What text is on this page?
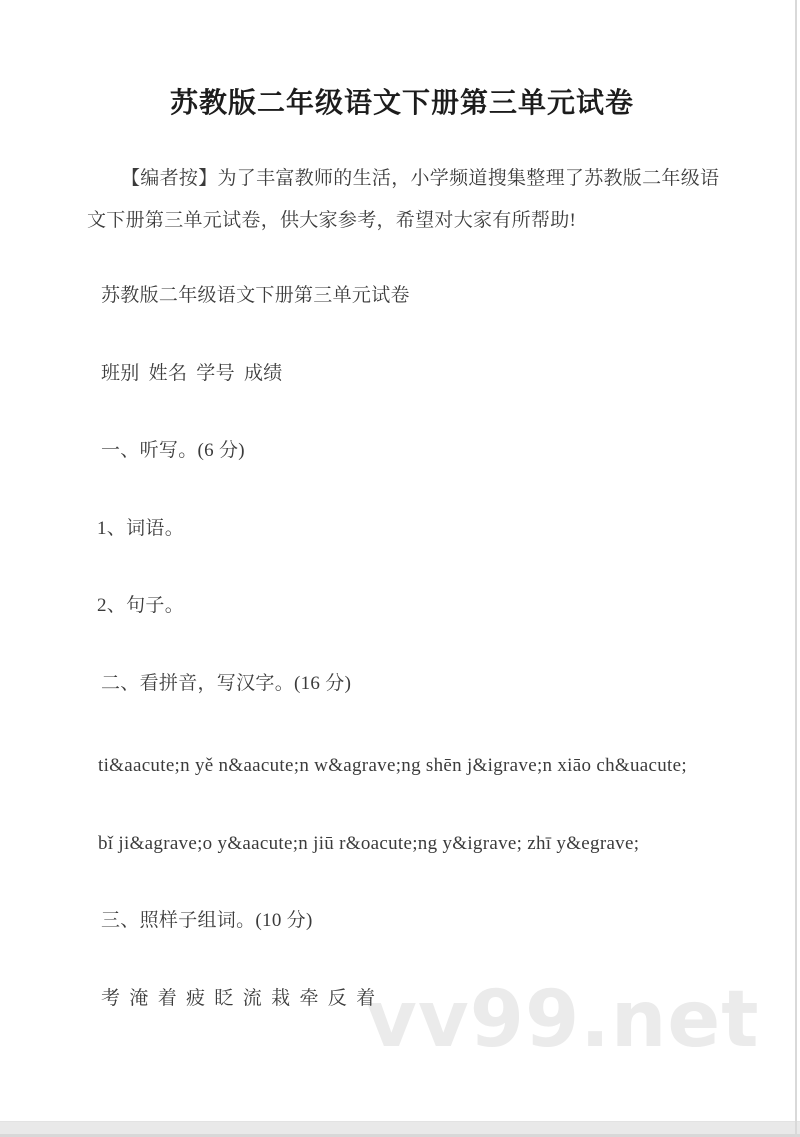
苏教版二年级语文下册第三单元试卷

【编者按】为了丰富教师的生活，小学频道搜集整理了苏教版二年级语

文下册第三单元试卷，供大家参考，希望对大家有所帮助!

苏教版二年级语文下册第三单元试卷

班别 姓名 学号 成绩

一、听写。(6 分)

1、词语。

2、句子。

二、看拼音，写汉字。(16 分)

ti&aacute;n yě n&aacute;n w&agrave;ng shēn j&igrave;n xiāo ch&uacute;

bǐ ji&agrave;o y&aacute;n jiū r&oacute;ng y&igrave; zhī y&egrave;

三、照样子组词。(10 分)

考 淹 着 疲 眨 流 栽 牵 反 着

vv99.net
